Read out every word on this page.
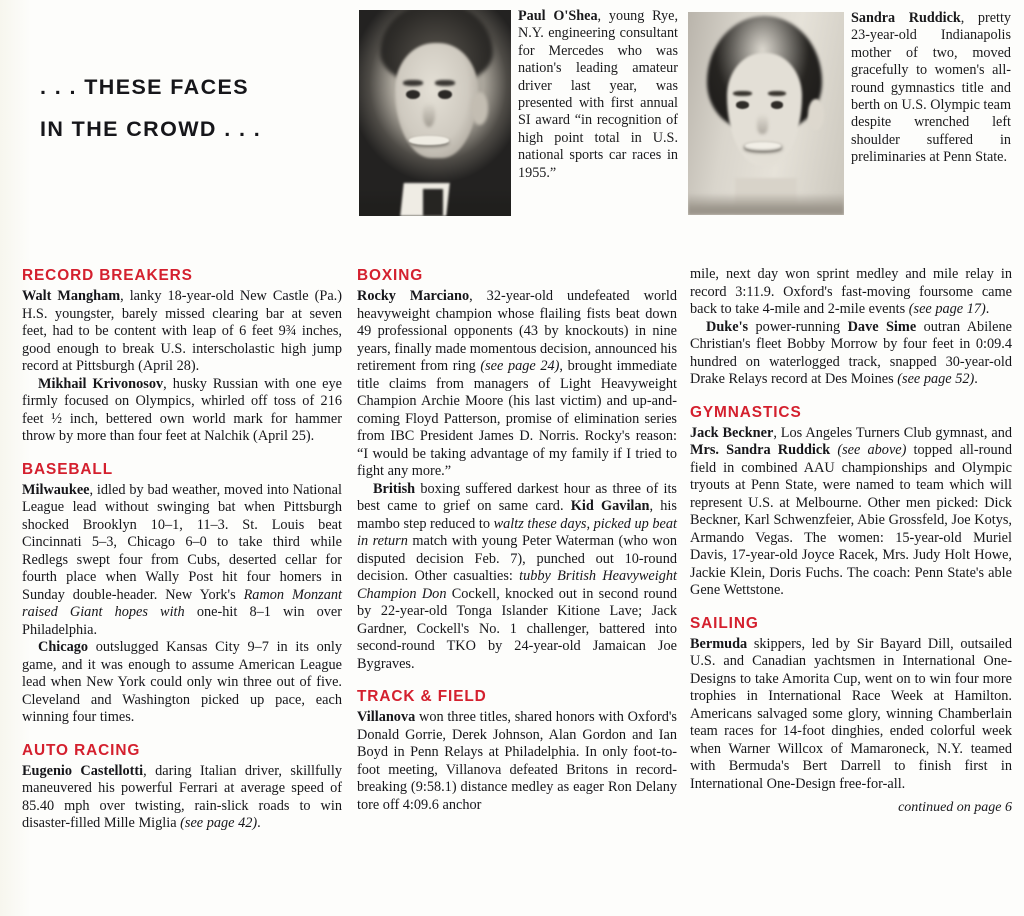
. . . THESE FACES
IN THE CROWD . . .
Paul O'Shea, young Rye, N.Y. engineering consultant for Mercedes who was nation's leading amateur driver last year, was presented with first annual SI award “in recognition of high point total in U.S. national sports car races in 1955.”
Sandra Ruddick, pretty 23-year-old Indianapolis mother of two, moved gracefully to women's all-round gymnastics title and berth on U.S. Olympic team despite wrenched left shoulder suffered in preliminaries at Penn State.
RECORD BREAKERS

Walt Mangham, lanky 18-year-old New Castle (Pa.) H.S. youngster, barely missed clearing bar at seven feet, had to be content with leap of 6 feet 9¾ inches, good enough to break U.S. interscholastic high jump record at Pittsburgh (April 28).

Mikhail Krivonosov, husky Russian with one eye firmly focused on Olympics, whirled off toss of 216 feet ½ inch, bettered own world mark for hammer throw by more than four feet at Nalchik (April 25).

BASEBALL

Milwaukee, idled by bad weather, moved into National League lead without swinging bat when Pittsburgh shocked Brooklyn 10–1, 11–3. St. Louis beat Cincinnati 5–3, Chicago 6–0 to take third while Redlegs swept four from Cubs, deserted cellar for fourth place when Wally Post hit four homers in Sunday double-header. New York's Ramon Monzant raised Giant hopes with one-hit 8–1 win over Philadelphia.

Chicago outslugged Kansas City 9–7 in its only game, and it was enough to assume American League lead when New York could only win three out of five. Cleveland and Washington picked up pace, each winning four times.

AUTO RACING

Eugenio Castellotti, daring Italian driver, skillfully maneuvered his powerful Ferrari at average speed of 85.40 mph over twisting, rain-slick roads to win disaster-filled Mille Miglia (see page 42).

BOXING

Rocky Marciano, 32-year-old undefeated world heavyweight champion whose flailing fists beat down 49 professional opponents (43 by knockouts) in nine years, finally made momentous decision, announced his retirement from ring (see page 24), brought immediate title claims from managers of Light Heavyweight Champion Archie Moore (his last victim) and up-and-coming Floyd Patterson, promise of elimination series from IBC President James D. Norris. Rocky's reason: “I would be taking advantage of my family if I tried to fight any more.”

British boxing suffered darkest hour as three of its best came to grief on same card. Kid Gavilan, his mambo step reduced to waltz these days, picked up beat in return match with young Peter Waterman (who won disputed decision Feb. 7), punched out 10-round decision. Other casualties: tubby British Heavyweight Champion Don Cockell, knocked out in second round by 22-year-old Tonga Islander Kitione Lave; Jack Gardner, Cockell's No. 1 challenger, battered into second-round TKO by 24-year-old Jamaican Joe Bygraves.

TRACK & FIELD

Villanova won three titles, shared honors with Oxford's Donald Gorrie, Derek Johnson, Alan Gordon and Ian Boyd in Penn Relays at Philadelphia. In only foot-to-foot meeting, Villanova defeated Britons in record-breaking (9:58.1) distance medley as eager Ron Delany tore off 4:09.6 anchor

mile, next day won sprint medley and mile relay in record 3:11.9. Oxford's fast-moving foursome came back to take 4-mile and 2-mile events (see page 17).

Duke's power-running Dave Sime outran Abilene Christian's fleet Bobby Morrow by four feet in 0:09.4 hundred on waterlogged track, snapped 30-year-old Drake Relays record at Des Moines (see page 52).

GYMNASTICS

Jack Beckner, Los Angeles Turners Club gymnast, and Mrs. Sandra Ruddick (see above) topped all-round field in combined AAU championships and Olympic tryouts at Penn State, were named to team which will represent U.S. at Melbourne. Other men picked: Dick Beckner, Karl Schwenzfeier, Abie Grossfeld, Joe Kotys, Armando Vegas. The women: 15-year-old Muriel Davis, 17-year-old Joyce Racek, Mrs. Judy Holt Howe, Jackie Klein, Doris Fuchs. The coach: Penn State's able Gene Wettstone.

SAILING

Bermuda skippers, led by Sir Bayard Dill, outsailed U.S. and Canadian yachtsmen in International One-Designs to take Amorita Cup, went on to win four more trophies in International Race Week at Hamilton. Americans salvaged some glory, winning Chamberlain team races for 14-foot dinghies, ended colorful week when Warner Willcox of Mamaroneck, N.Y. teamed with Bermuda's Bert Darrell to finish first in International One-Design free-for-all.

continued on page 6
